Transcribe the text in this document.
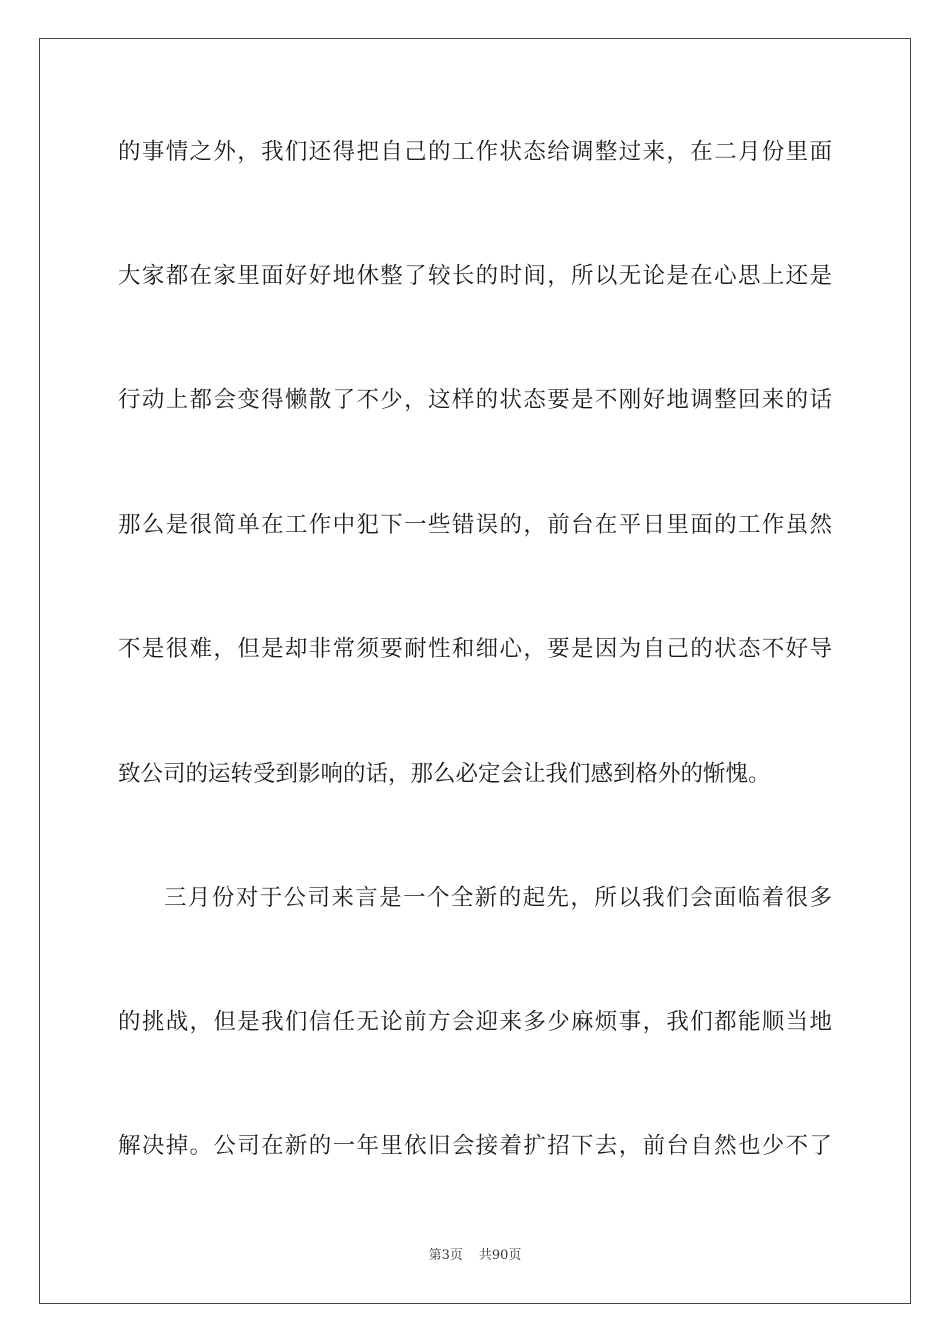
的事情之外，我们还得把自己的工作状态给调整过来，在二月份里面
大家都在家里面好好地休整了较长的时间，所以无论是在心思上还是
行动上都会变得懒散了不少，这样的状态要是不刚好地调整回来的话
那么是很简单在工作中犯下一些错误的，前台在平日里面的工作虽然
不是很难，但是却非常须要耐性和细心，要是因为自己的状态不好导
致公司的运转受到影响的话，那么必定会让我们感到格外的惭愧。
三月份对于公司来言是一个全新的起先，所以我们会面临着很多
的挑战，但是我们信任无论前方会迎来多少麻烦事，我们都能顺当地
解决掉。公司在新的一年里依旧会接着扩招下去，前台自然也少不了
第3页 共90页
